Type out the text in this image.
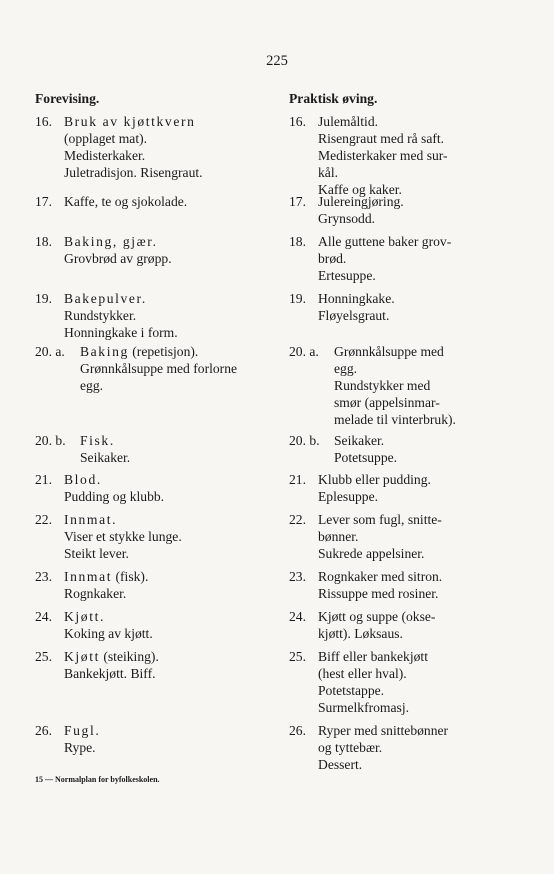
225
Forevising.
16. Bruk av kjøttkvern
(opplaget mat).
Medisterkaker.
Juletradisjon. Risengraut.
17. Kaffe, te og sjokolade.
18. Baking, gjær.
Grovbrød av grøpp.
19. Bakepulver.
Rundstykker.
Honningkake i form.
20. a. Baking (repetisjon).
Grønnkålsuppe med forlorne
egg.
20. b. Fisk.
Seikaker.
21. Blod.
Pudding og klubb.
22. Innmat.
Viser et stykke lunge.
Steikt lever.
23. Innmat (fisk).
Rognkaker.
24. Kjøtt.
Koking av kjøtt.
25. Kjøtt (steiking).
Bankekjøtt. Biff.
26. Fugl.
Rype.
Praktisk øving.
16. Julemåltid.
Risengraut med rå saft.
Medisterkaker med sur-
kål.
Kaffe og kaker.
17. Julereingjøring.
Grynsodd.
18. Alle guttene baker grov-
brød.
Ertesuppe.
19. Honningkake.
Fløyelsgraut.
20. a. Grønnkålsuppe med
egg.
Rundstykker med
smør (appelsinmar-
melade til vinterbruk).
20. b. Seikaker.
Potetsuppe.
21. Klubb eller pudding.
Eplesuppe.
22. Lever som fugl, snitte-
bønner.
Sukrede appelsiner.
23. Rognkaker med sitron.
Rissuppe med rosiner.
24. Kjøtt og suppe (okse-
kjøtt). Løksaus.
25. Biff eller bankekjøtt
(hest eller hval).
Potetstappe.
Surmelkfromasj.
26. Ryper med snittebønner
og tyttebær.
Dessert.
15 — Normalplan for byfolkeskolen.
